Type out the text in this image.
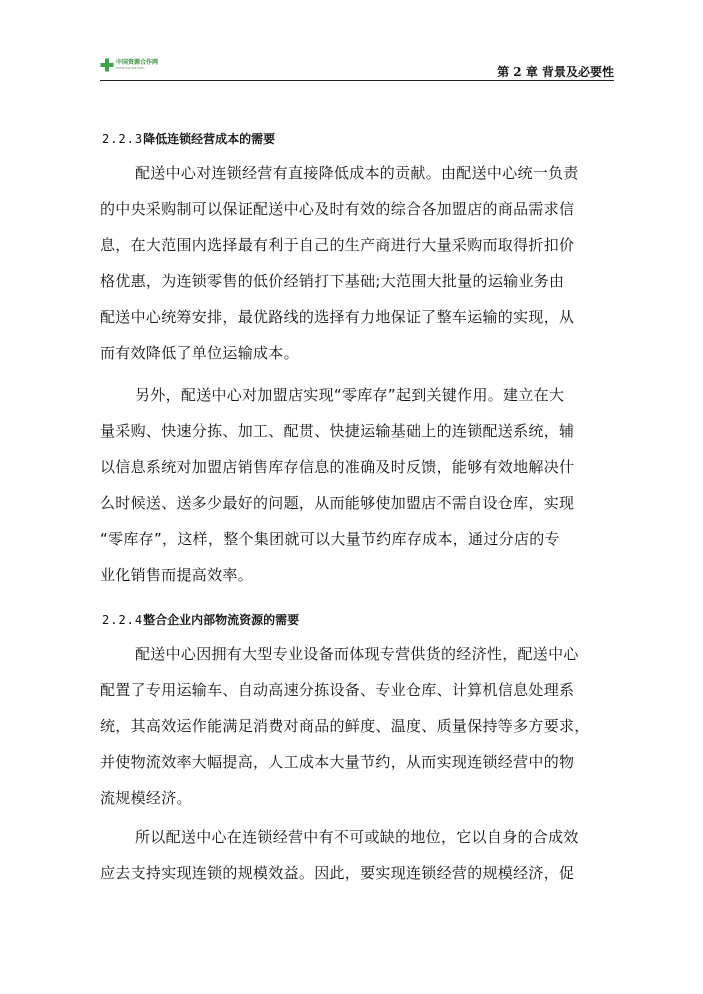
中国资源合作网
www.zyhzw.com	第 2 章 背景及必要性
2.2.3降低连锁经营成本的需要
配送中心对连锁经营有直接降低成本的贡献。由配送中心统一负责
的中央采购制可以保证配送中心及时有效的综合各加盟店的商品需求信
息，在大范围内选择最有利于自己的生产商进行大量采购而取得折扣价
格优惠，为连锁零售的低价经销打下基础;大范围大批量的运输业务由
配送中心统筹安排，最优路线的选择有力地保证了整车运输的实现，从
而有效降低了单位运输成本。
另外，配送中心对加盟店实现“零库存”起到关键作用。建立在大
量采购、快速分拣、加工、配贯、快捷运输基础上的连锁配送系统，辅
以信息系统对加盟店销售库存信息的准确及时反馈，能够有效地解决什
么时候送、送多少最好的问题，从而能够使加盟店不需自设仓库，实现
“零库存”，这样，整个集团就可以大量节约库存成本，通过分店的专
业化销售而提高效率。
2.2.4整合企业内部物流资源的需要
配送中心因拥有大型专业设备而体现专营供货的经济性，配送中心
配置了专用运输车、自动高速分拣设备、专业仓库、计算机信息处理系
统，其高效运作能满足消费对商品的鲜度、温度、质量保持等多方要求，
并使物流效率大幅提高，人工成本大量节约，从而实现连锁经营中的物
流规模经济。
所以配送中心在连锁经营中有不可或缺的地位，它以自身的合成效
应去支持实现连锁的规模效益。因此，要实现连锁经营的规模经济，促
